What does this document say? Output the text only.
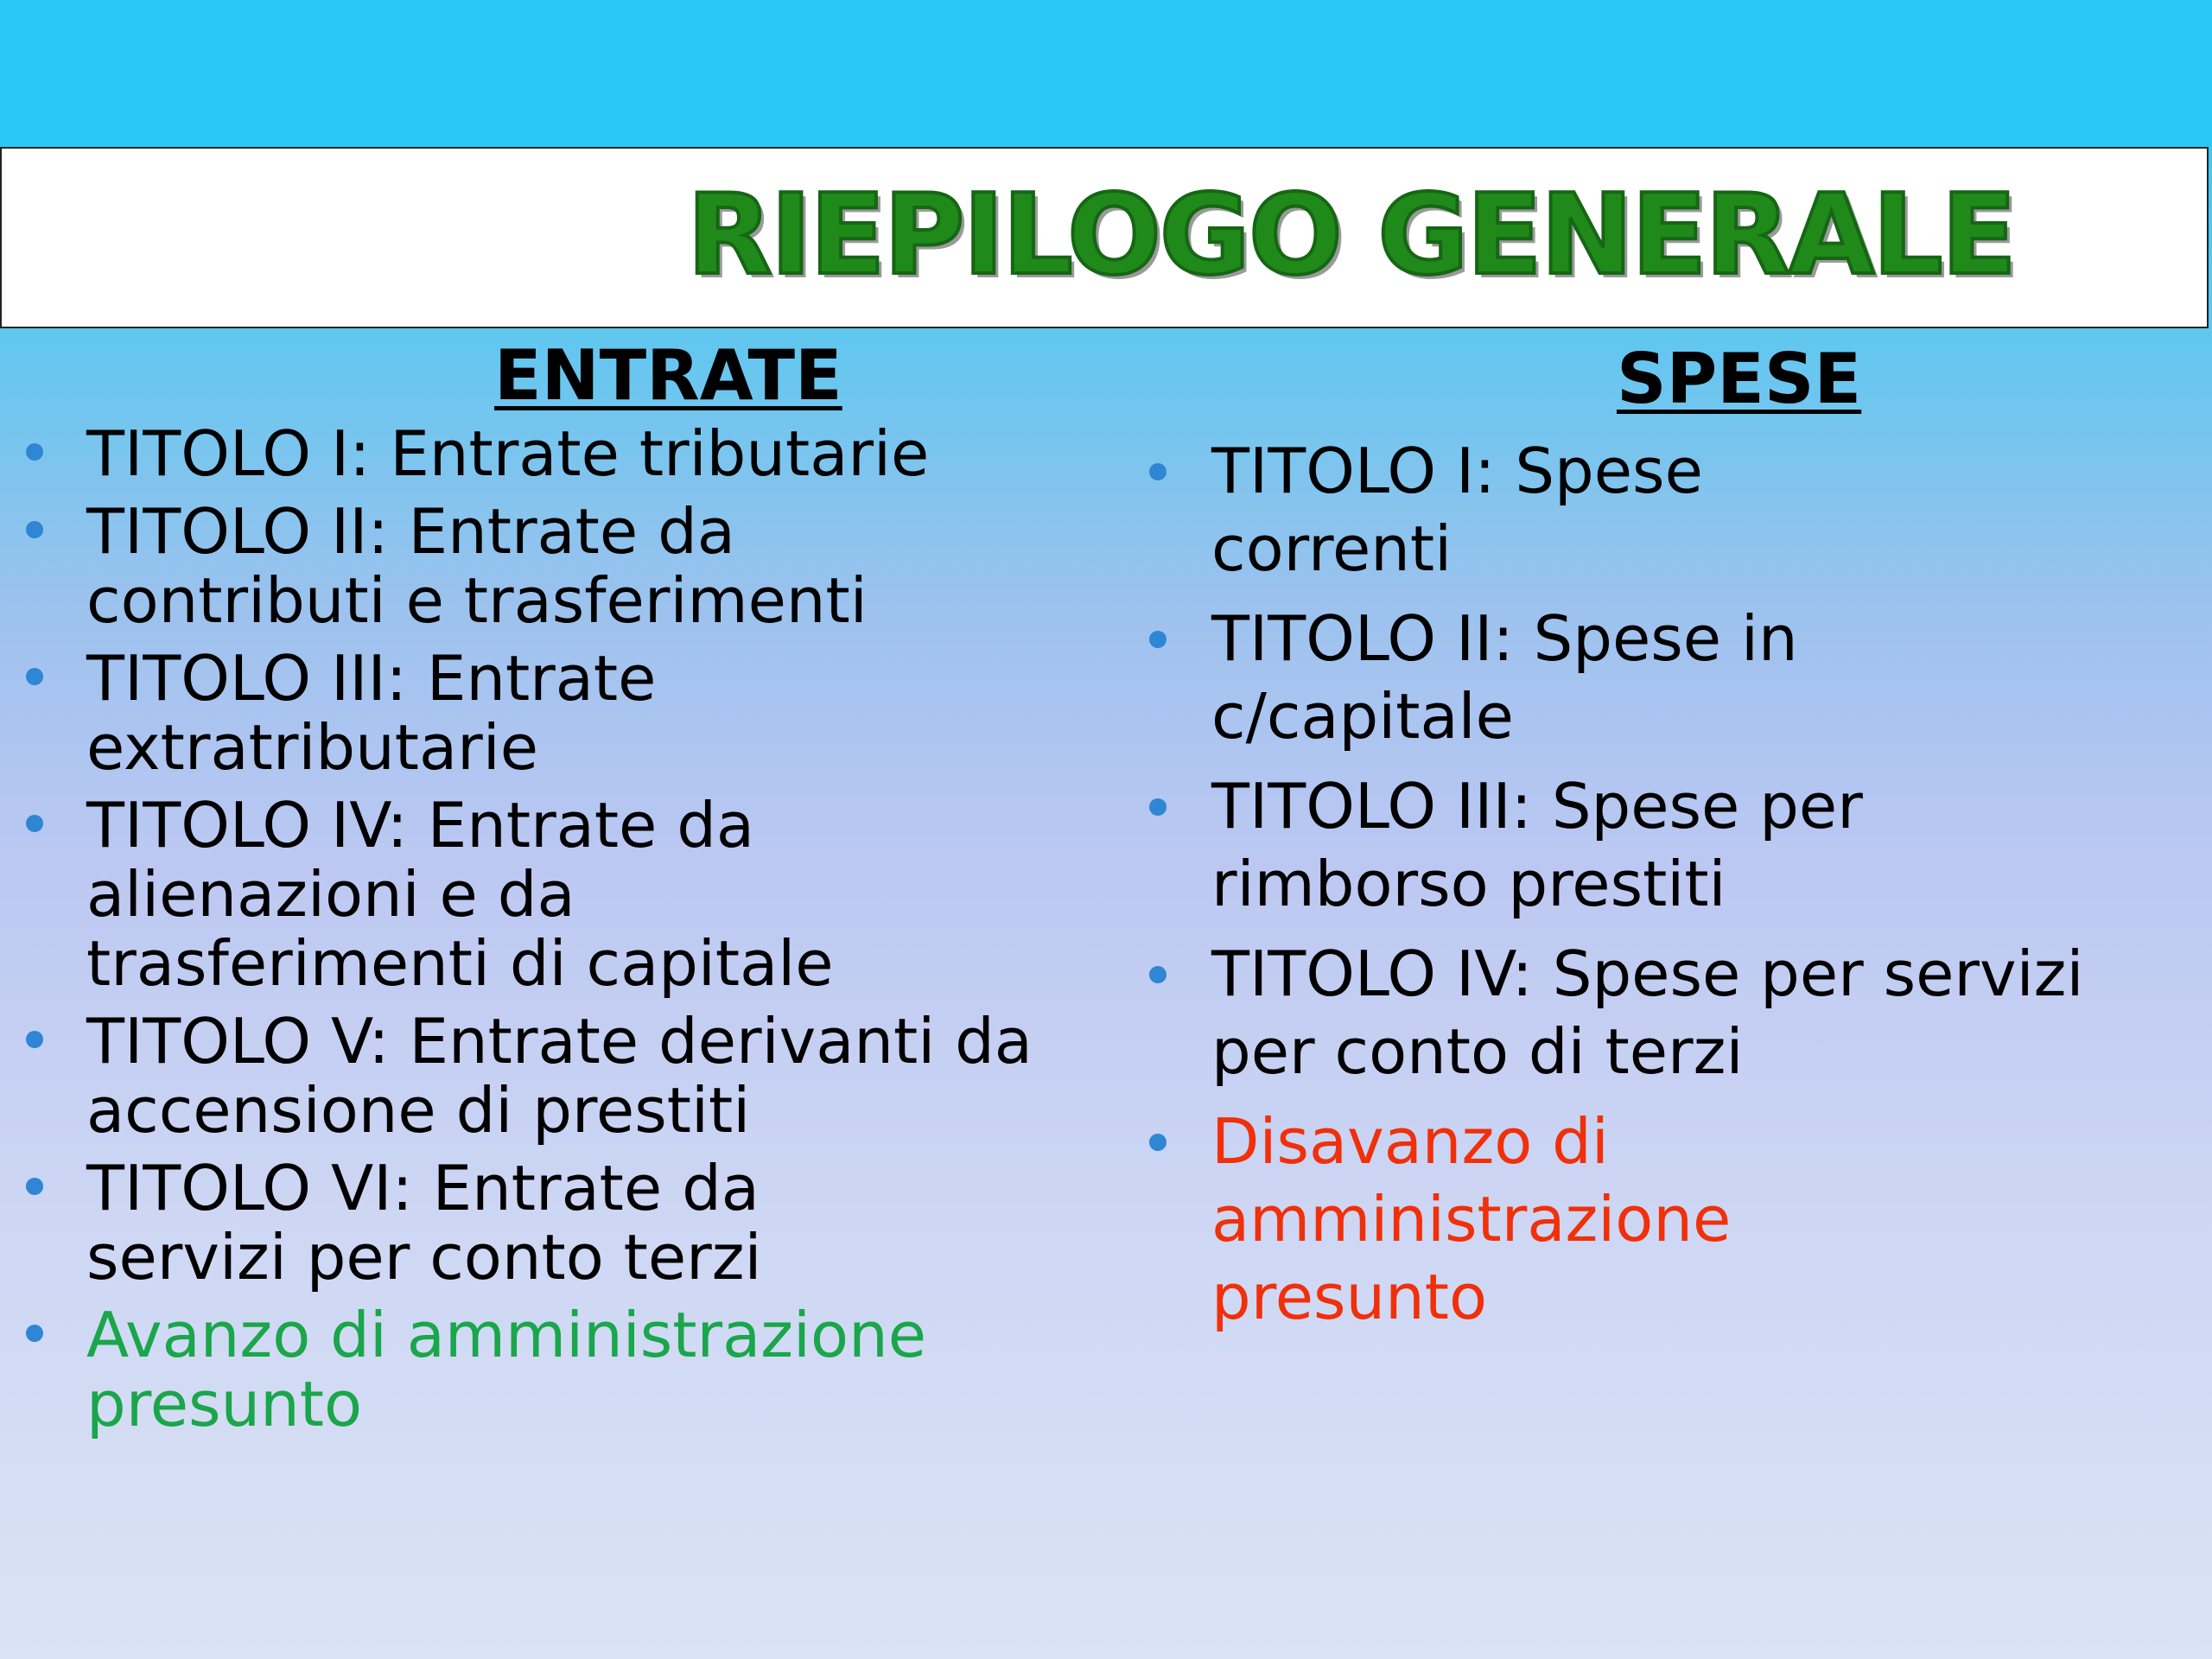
RIEPILOGO GENERALE
ENTRATE	SPESE
TITOLO I: Entrate tributarie
TITOLO II: Entrate da contributi e trasferimenti
TITOLO III: Entrate extratributarie
TITOLO IV: Entrate da alienazioni e da trasferimenti di capitale
TITOLO V: Entrate derivanti da accensione di prestiti
TITOLO VI: Entrate da servizi per conto terzi
Avanzo di amministrazione presunto
TITOLO I: Spese correnti
TITOLO II: Spese in c/capitale
TITOLO III: Spese per rimborso prestiti
TITOLO IV: Spese per servizi per conto di terzi
Disavanzo di amministrazione presunto
